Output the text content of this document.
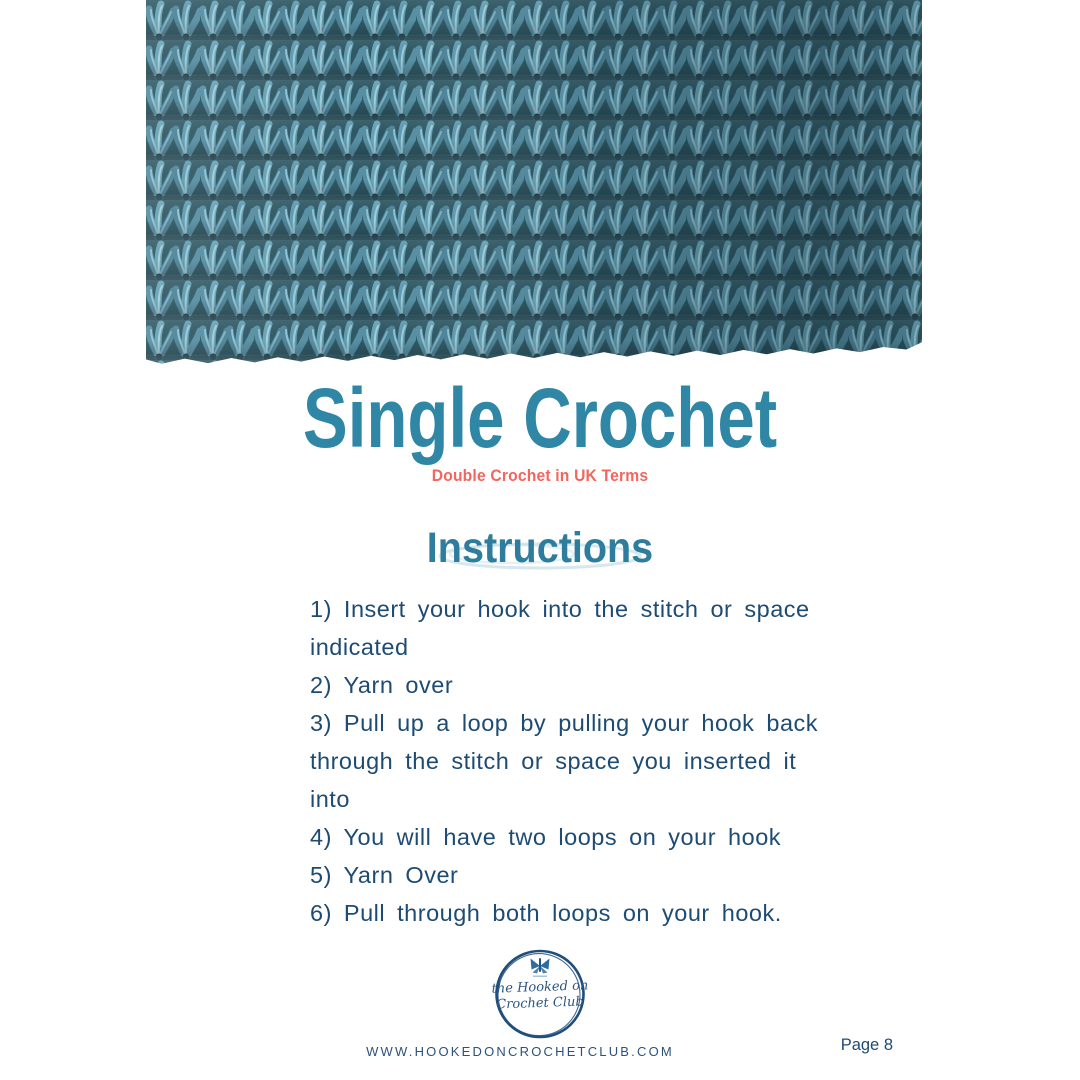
Single Crochet
Double Crochet in UK Terms
Instructions
1) Insert your hook into the stitch or space
indicated
2) Yarn over
3) Pull up a loop by pulling your hook back
through the stitch or space you inserted it
into
4) You will have two loops on your hook
5) Yarn Over
6) Pull through both loops on your hook.
the Hooked on
Crochet Club
WWW.HOOKEDONCROCHETCLUB.COM	Page 8
